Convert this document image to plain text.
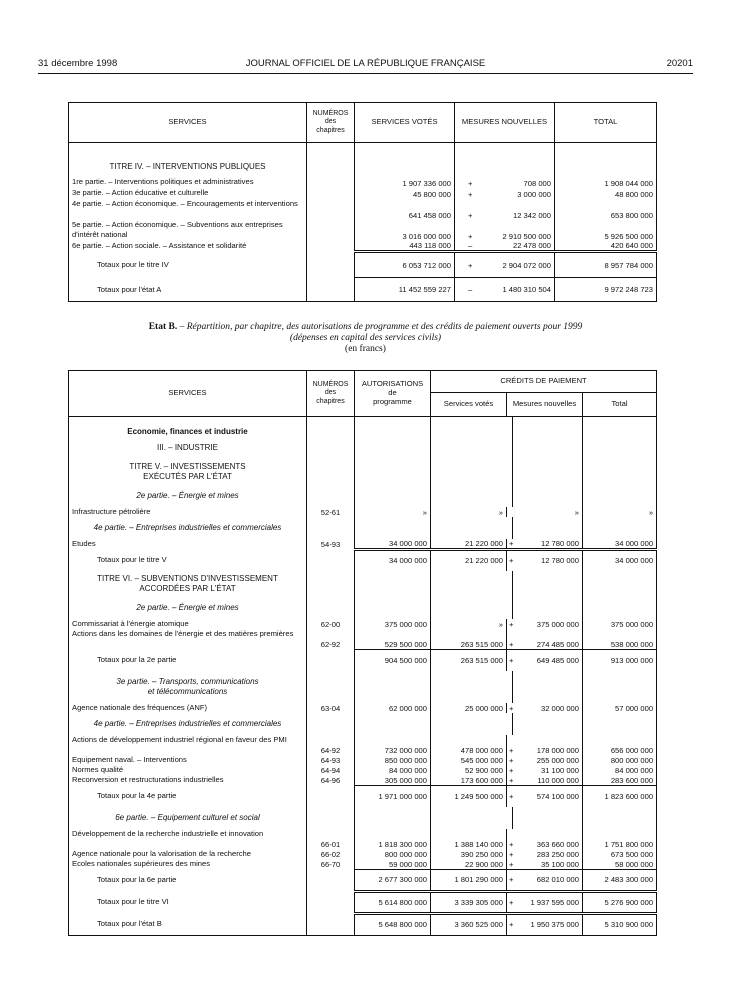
31 décembre 1998	JOURNAL OFFICIEL DE LA RÉPUBLIQUE FRANÇAISE	20201
SERVICES	NUMÉROS
des
chapitres	SERVICES VOTÉS	MESURES NOUVELLES	TOTAL
TITRE IV. – INTERVENTIONS PUBLIQUES				
1re partie. – Interventions politiques et administratives		1 907 336 000	+ 708 000	1 908 044 000
3e partie. – Action éducative et culturelle		45 800 000	+ 3 000 000	48 800 000
4e partie. – Action économique. – Encouragements et interventions		641 458 000	+ 12 342 000	653 800 000
5e partie. – Action économique. – Subventions aux entreprises d'intérêt national		3 016 000 000	+ 2 910 500 000	5 926 500 000
6e partie. – Action sociale. – Assistance et solidarité		443 118 000	– 22 478 000	420 640 000
Totaux pour le titre IV		6 053 712 000	+ 2 904 072 000	8 957 784 000
Totaux pour l'état A		11 452 559 227	– 1 480 310 504	9 972 248 723
Etat B. – Répartition, par chapitre, des autorisations de programme et des crédits de paiement ouverts pour 1999
(dépenses en capital des services civils)
(en francs)
SERVICES	NUMÉROS
des
chapitres	AUTORISATIONS
de
programme	CRÉDITS DE PAIEMENT			
			Services votés	Mesures nouvelles		Total

Economie, finances et industrie						
III. – INDUSTRIE						
TITRE V. – INVESTISSEMENTS
EXÉCUTÉS PAR L'ÉTAT						
2e partie. – Énergie et mines						
Infrastructure pétrolière	52-61	»	»		»	»
4e partie. – Entreprises industrielles et commerciales						
Etudes	54-93	34 000 000	21 220 000	+	12 780 000	34 000 000
Totaux pour le titre V		34 000 000	21 220 000	+	12 780 000	34 000 000
TITRE VI. – SUBVENTIONS D'INVESTISSEMENT
ACCORDÉES PAR L'ÉTAT						
2e partie. – Énergie et mines						
Commissariat à l'énergie atomique	62-00	375 000 000	»	+	375 000 000	375 000 000
Actions dans les domaines de l'énergie et des matières premières	62-92	529 500 000	263 515 000	+	274 485 000	538 000 000
Totaux pour la 2e partie		904 500 000	263 515 000	+	649 485 000	913 000 000
3e partie. – Transports, communications
et télécommunications						
Agence nationale des fréquences (ANF)	63-04	62 000 000	25 000 000	+	32 000 000	57 000 000
4e partie. – Entreprises industrielles et commerciales						
Actions de développement industriel régional en faveur des PMI	64-92	732 000 000	478 000 000	+	178 000 000	656 000 000
Equipement naval. – Interventions	64-93	850 000 000	545 000 000	+	255 000 000	800 000 000
Normes qualité	64-94	84 000 000	52 900 000	+	31 100 000	84 000 000
Reconversion et restructurations industrielles	64-96	305 000 000	173 600 000	+	110 000 000	283 600 000
Totaux pour la 4e partie		1 971 000 000	1 249 500 000	+	574 100 000	1 823 600 000
6e partie. – Equipement culturel et social						
Développement de la recherche industrielle et innovation	66-01	1 818 300 000	1 388 140 000	+	363 660 000	1 751 800 000
Agence nationale pour la valorisation de la recherche	66-02	800 000 000	390 250 000	+	283 250 000	673 500 000
Ecoles nationales supérieures des mines	66-70	59 000 000	22 900 000	+	35 100 000	58 000 000
Totaux pour la 6e partie		2 677 300 000	1 801 290 000	+	682 010 000	2 483 300 000
Totaux pour le titre VI		5 614 800 000	3 339 305 000	+	1 937 595 000	5 276 900 000
Totaux pour l'état B		5 648 800 000	3 360 525 000	+	1 950 375 000	5 310 900 000
